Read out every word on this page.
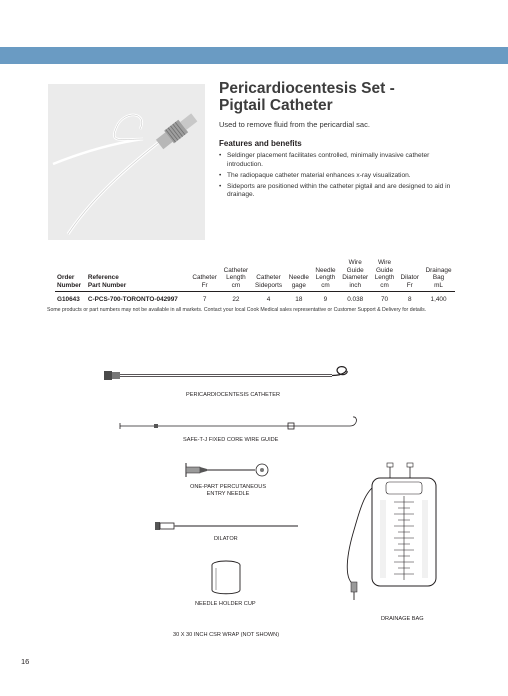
Pericardiocentesis Set -
Pigtail Catheter
Used to remove fluid from the pericardial sac.
Features and benefits
• Seldinger placement facilitates controlled, minimally invasive catheter introduction.
• The radiopaque catheter material enhances x-ray visualization.
• Sideports are positioned within the catheter pigtail and are designed to aid in drainage.
Order
Number	Reference
Part Number	Catheter
Fr	Catheter
Length
cm	Catheter
Sideports	Needle
gage	Needle
Length
cm	Wire
Guide
Diameter
inch	Wire
Guide
Length
cm	Dilator
Fr	Drainage
Bag
mL
G10643	C-PCS-700-TORONTO-042997	7	22	4	18	9	0.038	70	8	1,400
Some products or part numbers may not be available in all markets. Contact your local Cook Medical sales representative or Customer Support & Delivery for details.
PERICARDIOCENTESIS CATHETER
SAFE-T-J FIXED CORE WIRE GUIDE
ONE-PART PERCUTANEOUS
ENTRY NEEDLE
DILATOR
NEEDLE HOLDER CUP
DRAINAGE BAG
30 X 30 INCH CSR WRAP (NOT SHOWN)
16
